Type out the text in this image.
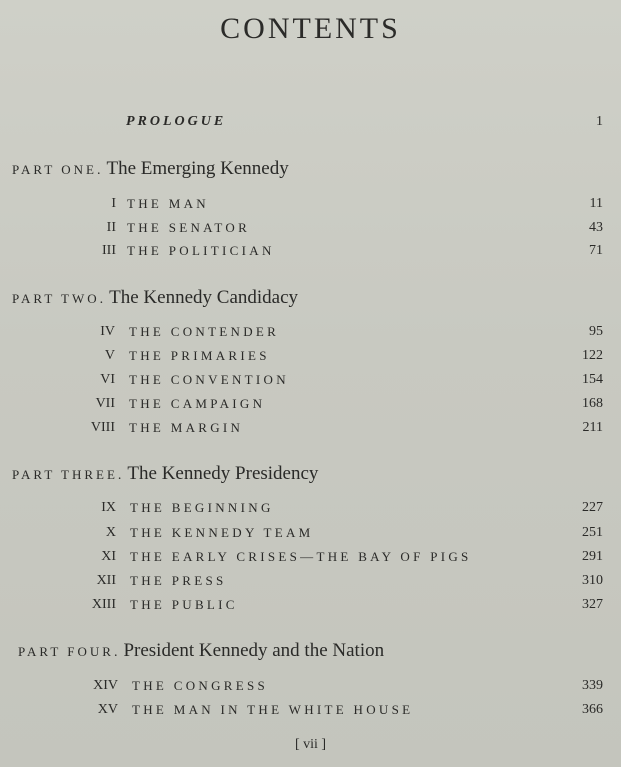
CONTENTS
PROLOGUE	1
PART ONE. The Emerging Kennedy
I THE MAN	11
II THE SENATOR	43
III THE POLITICIAN	71
PART TWO. The Kennedy Candidacy
IV THE CONTENDER	95
V THE PRIMARIES	122
VI THE CONVENTION	154
VII THE CAMPAIGN	168
VIII THE MARGIN	211
PART THREE. The Kennedy Presidency
IX THE BEGINNING	227
X THE KENNEDY TEAM	251
XI THE EARLY CRISES—THE BAY OF PIGS	291
XII THE PRESS	310
XIII THE PUBLIC	327
PART FOUR. President Kennedy and the Nation
XIV THE CONGRESS	339
XV THE MAN IN THE WHITE HOUSE	366
[ vii ]
